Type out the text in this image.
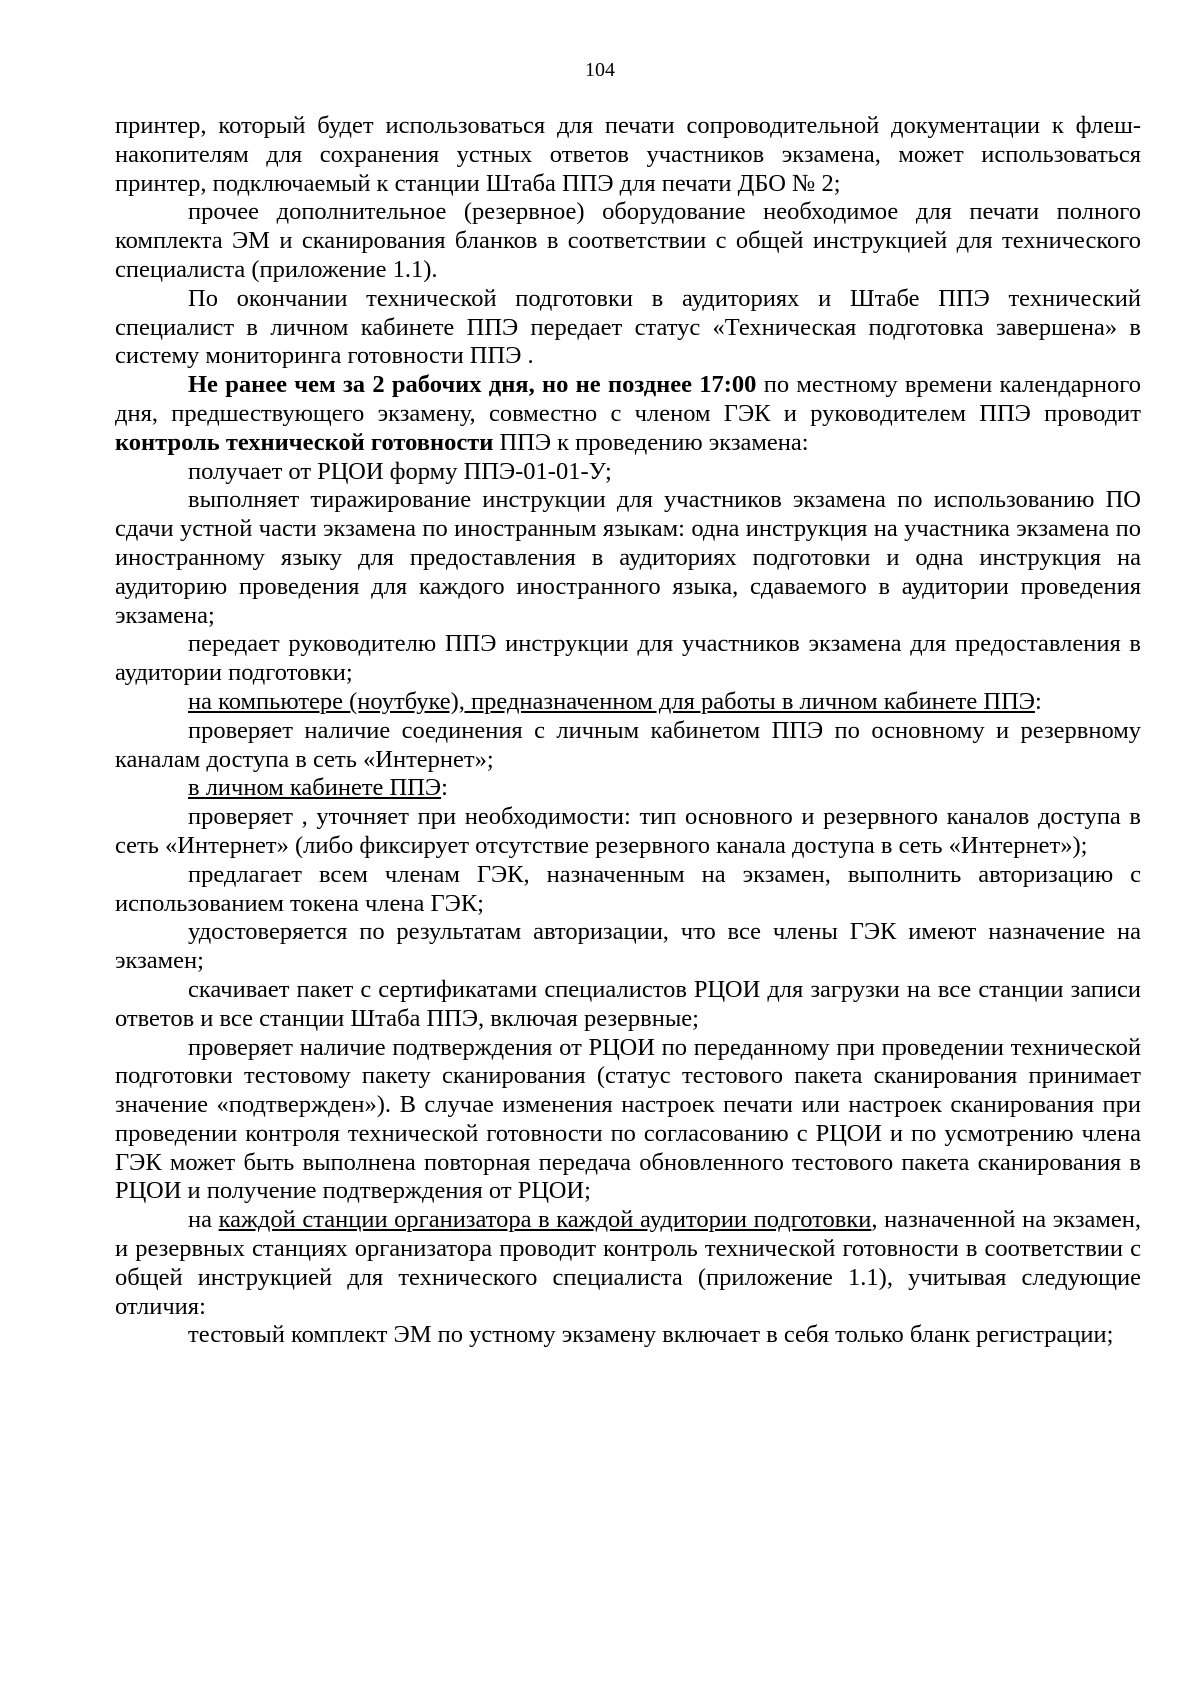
104

принтер, который будет использоваться для печати сопроводительной документации к флеш-накопителям для сохранения устных ответов участников экзамена, может использоваться принтер, подключаемый к станции Штаба ППЭ для печати ДБО № 2;

прочее дополнительное (резервное) оборудование необходимое для печати полного комплекта ЭМ и сканирования бланков в соответствии с общей инструкцией для технического специалиста (приложение 1.1).

По окончании технической подготовки в аудиториях и Штабе ППЭ технический специалист в личном кабинете ППЭ передает статус «Техническая подготовка завершена» в систему мониторинга готовности ППЭ .

Не ранее чем за 2 рабочих дня, но не позднее 17:00 по местному времени календарного дня, предшествующего экзамену, совместно с членом ГЭК и руководителем ППЭ проводит контроль технической готовности ППЭ к проведению экзамена:

получает от РЦОИ форму ППЭ-01-01-У;

выполняет тиражирование инструкции для участников экзамена по использованию ПО сдачи устной части экзамена по иностранным языкам: одна инструкция на участника экзамена по иностранному языку для предоставления в аудиториях подготовки и одна инструкция на аудиторию проведения для каждого иностранного языка, сдаваемого в аудитории проведения экзамена;

передает руководителю ППЭ инструкции для участников экзамена для предоставления в аудитории подготовки;

на компьютере (ноутбуке), предназначенном для работы в личном кабинете ППЭ:

проверяет наличие соединения с личным кабинетом ППЭ по основному и резервному каналам доступа в сеть «Интернет»;

в личном кабинете ППЭ:

проверяет , уточняет при необходимости: тип основного и резервного каналов доступа в сеть «Интернет» (либо фиксирует отсутствие резервного канала доступа в сеть «Интернет»);

предлагает всем членам ГЭК, назначенным на экзамен, выполнить авторизацию с использованием токена члена ГЭК;

удостоверяется по результатам авторизации, что все члены ГЭК имеют назначение на экзамен;

скачивает пакет с сертификатами специалистов РЦОИ для загрузки на все станции записи ответов и все станции Штаба ППЭ, включая резервные;

проверяет наличие подтверждения от РЦОИ по переданному при проведении технической подготовки тестовому пакету сканирования (статус тестового пакета сканирования принимает значение «подтвержден»). В случае изменения настроек печати или настроек сканирования при проведении контроля технической готовности по согласованию с РЦОИ и по усмотрению члена ГЭК может быть выполнена повторная передача обновленного тестового пакета сканирования в РЦОИ и получение подтверждения от РЦОИ;

на каждой станции организатора в каждой аудитории подготовки, назначенной на экзамен, и резервных станциях организатора проводит контроль технической готовности в соответствии с общей инструкцией для технического специалиста (приложение 1.1), учитывая следующие отличия:

тестовый комплект ЭМ по устному экзамену включает в себя только бланк регистрации;
